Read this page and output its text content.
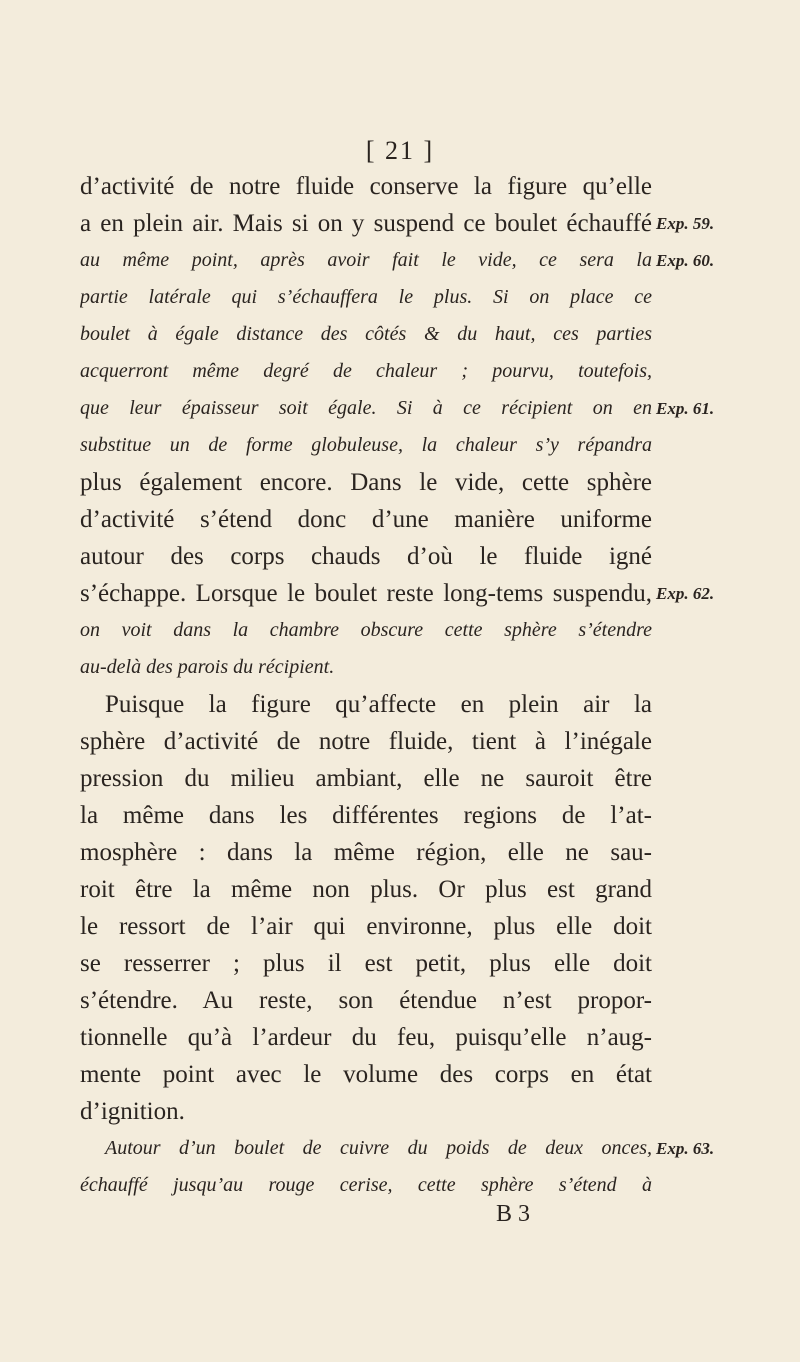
[ 21 ]
d’activité de notre fluide conserve la figure qu’elle
a en plein air. Mais si on y suspend ce boulet échauffé
au même point, après avoir fait le vide, ce sera la
partie latérale qui s’échauffera le plus. Si on place ce
boulet à égale distance des côtés & du haut, ces parties
acquerront même degré de chaleur ; pourvu, toutefois,
que leur épaisseur soit égale. Si à ce récipient on en
substitue un de forme globuleuse, la chaleur s’y répandra
plus également encore. Dans le vide, cette sphère
d’activité s’étend donc d’une manière uniforme
autour des corps chauds d’où le fluide igné
s’échappe. Lorsque le boulet reste long-tems suspendu,
on voit dans la chambre obscure cette sphère s’étendre
au-delà des parois du récipient.
Puisque la figure qu’affecte en plein air la
sphère d’activité de notre fluide, tient à l’inégale
pression du milieu ambiant, elle ne sauroit être
la même dans les différentes regions de l’at-
mosphère : dans la même région, elle ne sau-
roit être la même non plus. Or plus est grand
le ressort de l’air qui environne, plus elle doit
se resserrer ; plus il est petit, plus elle doit
s’étendre. Au reste, son étendue n’est propor-
tionnelle qu’à l’ardeur du feu, puisqu’elle n’aug-
mente point avec le volume des corps en état
d’ignition.
Autour d’un boulet de cuivre du poids de deux onces,
échauffé jusqu’au rouge cerise, cette sphère s’étend à
Exp. 59.
Exp. 60.
Exp. 61.
Exp. 62.
Exp. 63.
B 3
